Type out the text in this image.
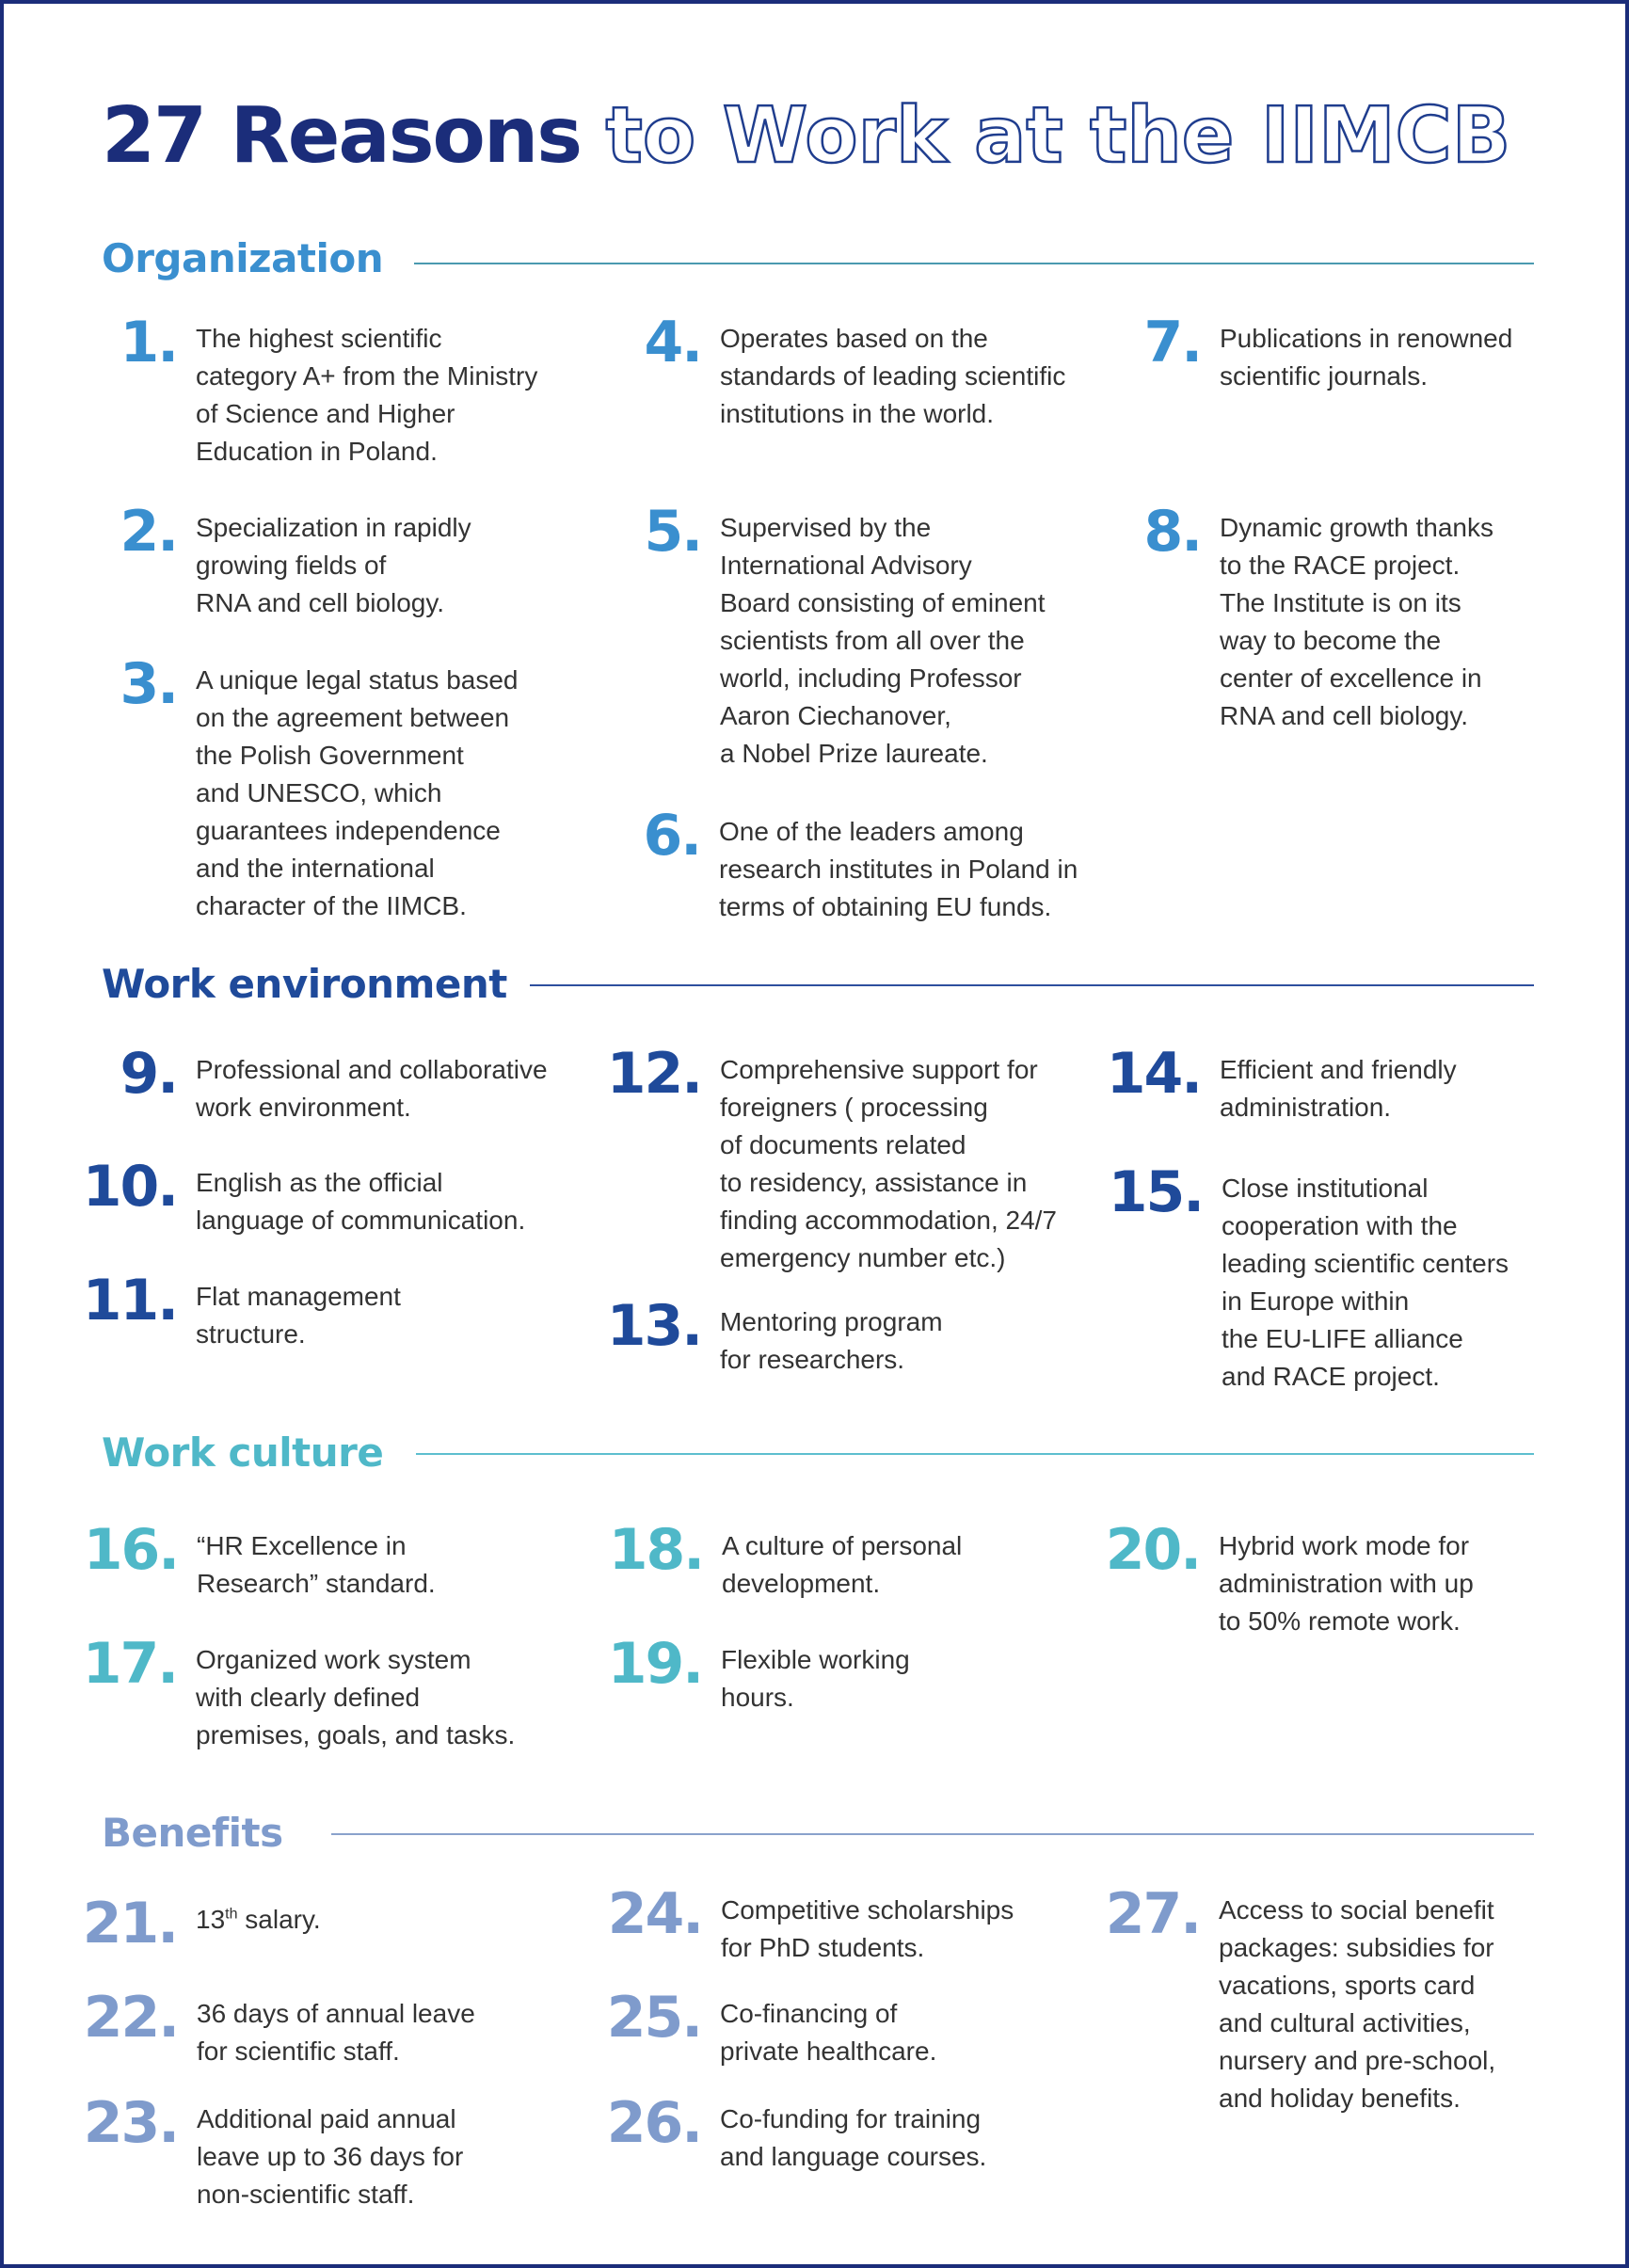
27 Reasons to Work at the IIMCB
Organization
1. The highest scientific
category A+ from the Ministry
of Science and Higher
Education in Poland.

2. Specialization in rapidly
growing fields of
RNA and cell biology.

3. A unique legal status based
on the agreement between
the Polish Government
and UNESCO, which
guarantees independence
and the international
character of the IIMCB.

4. Operates based on the
standards of leading scientific
institutions in the world.

5. Supervised by the
International Advisory
Board consisting of eminent
scientists from all over the
world, including Professor
Aaron Ciechanover,
a Nobel Prize laureate.

6. One of the leaders among
research institutes in Poland in
terms of obtaining EU funds.

7. Publications in renowned
scientific journals.

8. Dynamic growth thanks
to the RACE project.
The Institute is on its
way to become the
center of excellence in
RNA and cell biology.

Work environment
9. Professional and collaborative
work environment.

10. English as the official
language of communication.

11. Flat management
structure.

12. Comprehensive support for
foreigners ( processing
of documents related
to residency, assistance in
finding accommodation, 24/7
emergency number etc.)

13. Mentoring program
for researchers.

14. Efficient and friendly
administration.

15. Close institutional
cooperation with the
leading scientific centers
in Europe within
the EU-LIFE alliance
and RACE project.

Work culture
16. “HR Excellence in
Research” standard.

17. Organized work system
with clearly defined
premises, goals, and tasks.

18. A culture of personal
development.

19. Flexible working
hours.

20. Hybrid work mode for
administration with up
to 50% remote work.

Benefits
21. 13th salary.

22. 36 days of annual leave
for scientific staff.

23. Additional paid annual
leave up to 36 days for
non-scientific staff.

24. Competitive scholarships
for PhD students.

25. Co-financing of
private healthcare.

26. Co-funding for training
and language courses.

27. Access to social benefit
packages: subsidies for
vacations, sports card
and cultural activities,
nursery and pre-school,
and holiday benefits.
